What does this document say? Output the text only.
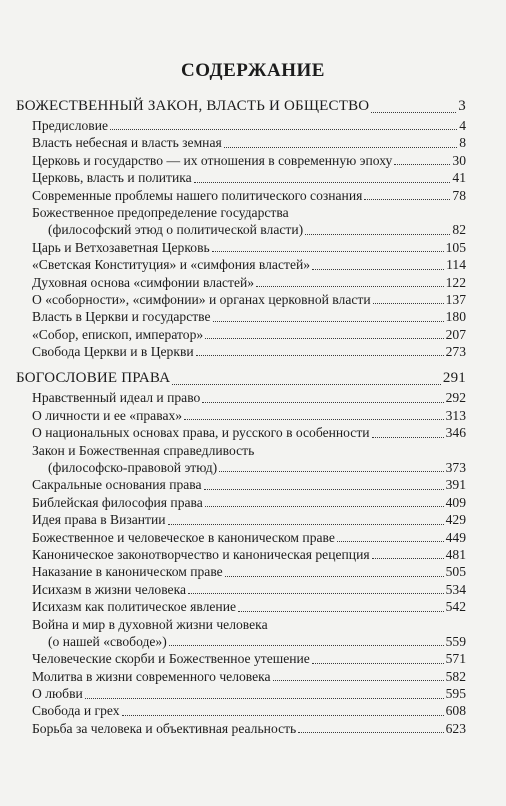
СОДЕРЖАНИЕ
БОЖЕСТВЕННЫЙ ЗАКОН, ВЛАСТЬ И ОБЩЕСТВО	3
Предисловие	4
Власть небесная и власть земная	8
Церковь и государство — их отношения в современную эпоху	30
Церковь, власть и политика	41
Современные проблемы нашего политического сознания	78
Божественное предопределение государства
(философский этюд о политической власти)	82
Царь и Ветхозаветная Церковь	105
«Светская Конституция» и «симфония властей»	114
Духовная основа «симфонии властей»	122
О «соборности», «симфонии» и органах церковной власти	137
Власть в Церкви и государстве	180
«Собор, епископ, император»	207
Свобода Церкви и в Церкви	273
БОГОСЛОВИЕ ПРАВА	291
Нравственный идеал и право	292
О личности и ее «правах»	313
О национальных основах права, и русского в особенности	346
Закон и Божественная справедливость
(философско-правовой этюд)	373
Сакральные основания права	391
Библейская философия права	409
Идея права в Византии	429
Божественное и человеческое в каноническом праве	449
Каноническое законотворчество и каноническая рецепция	481
Наказание в каноническом праве	505
Исихазм в жизни человека	534
Исихазм как политическое явление	542
Война и мир в духовной жизни человека
(о нашей «свободе»)	559
Человеческие скорби и Божественное утешение	571
Молитва в жизни современного человека	582
О любви	595
Свобода и грех	608
Борьба за человека и объективная реальность	623
